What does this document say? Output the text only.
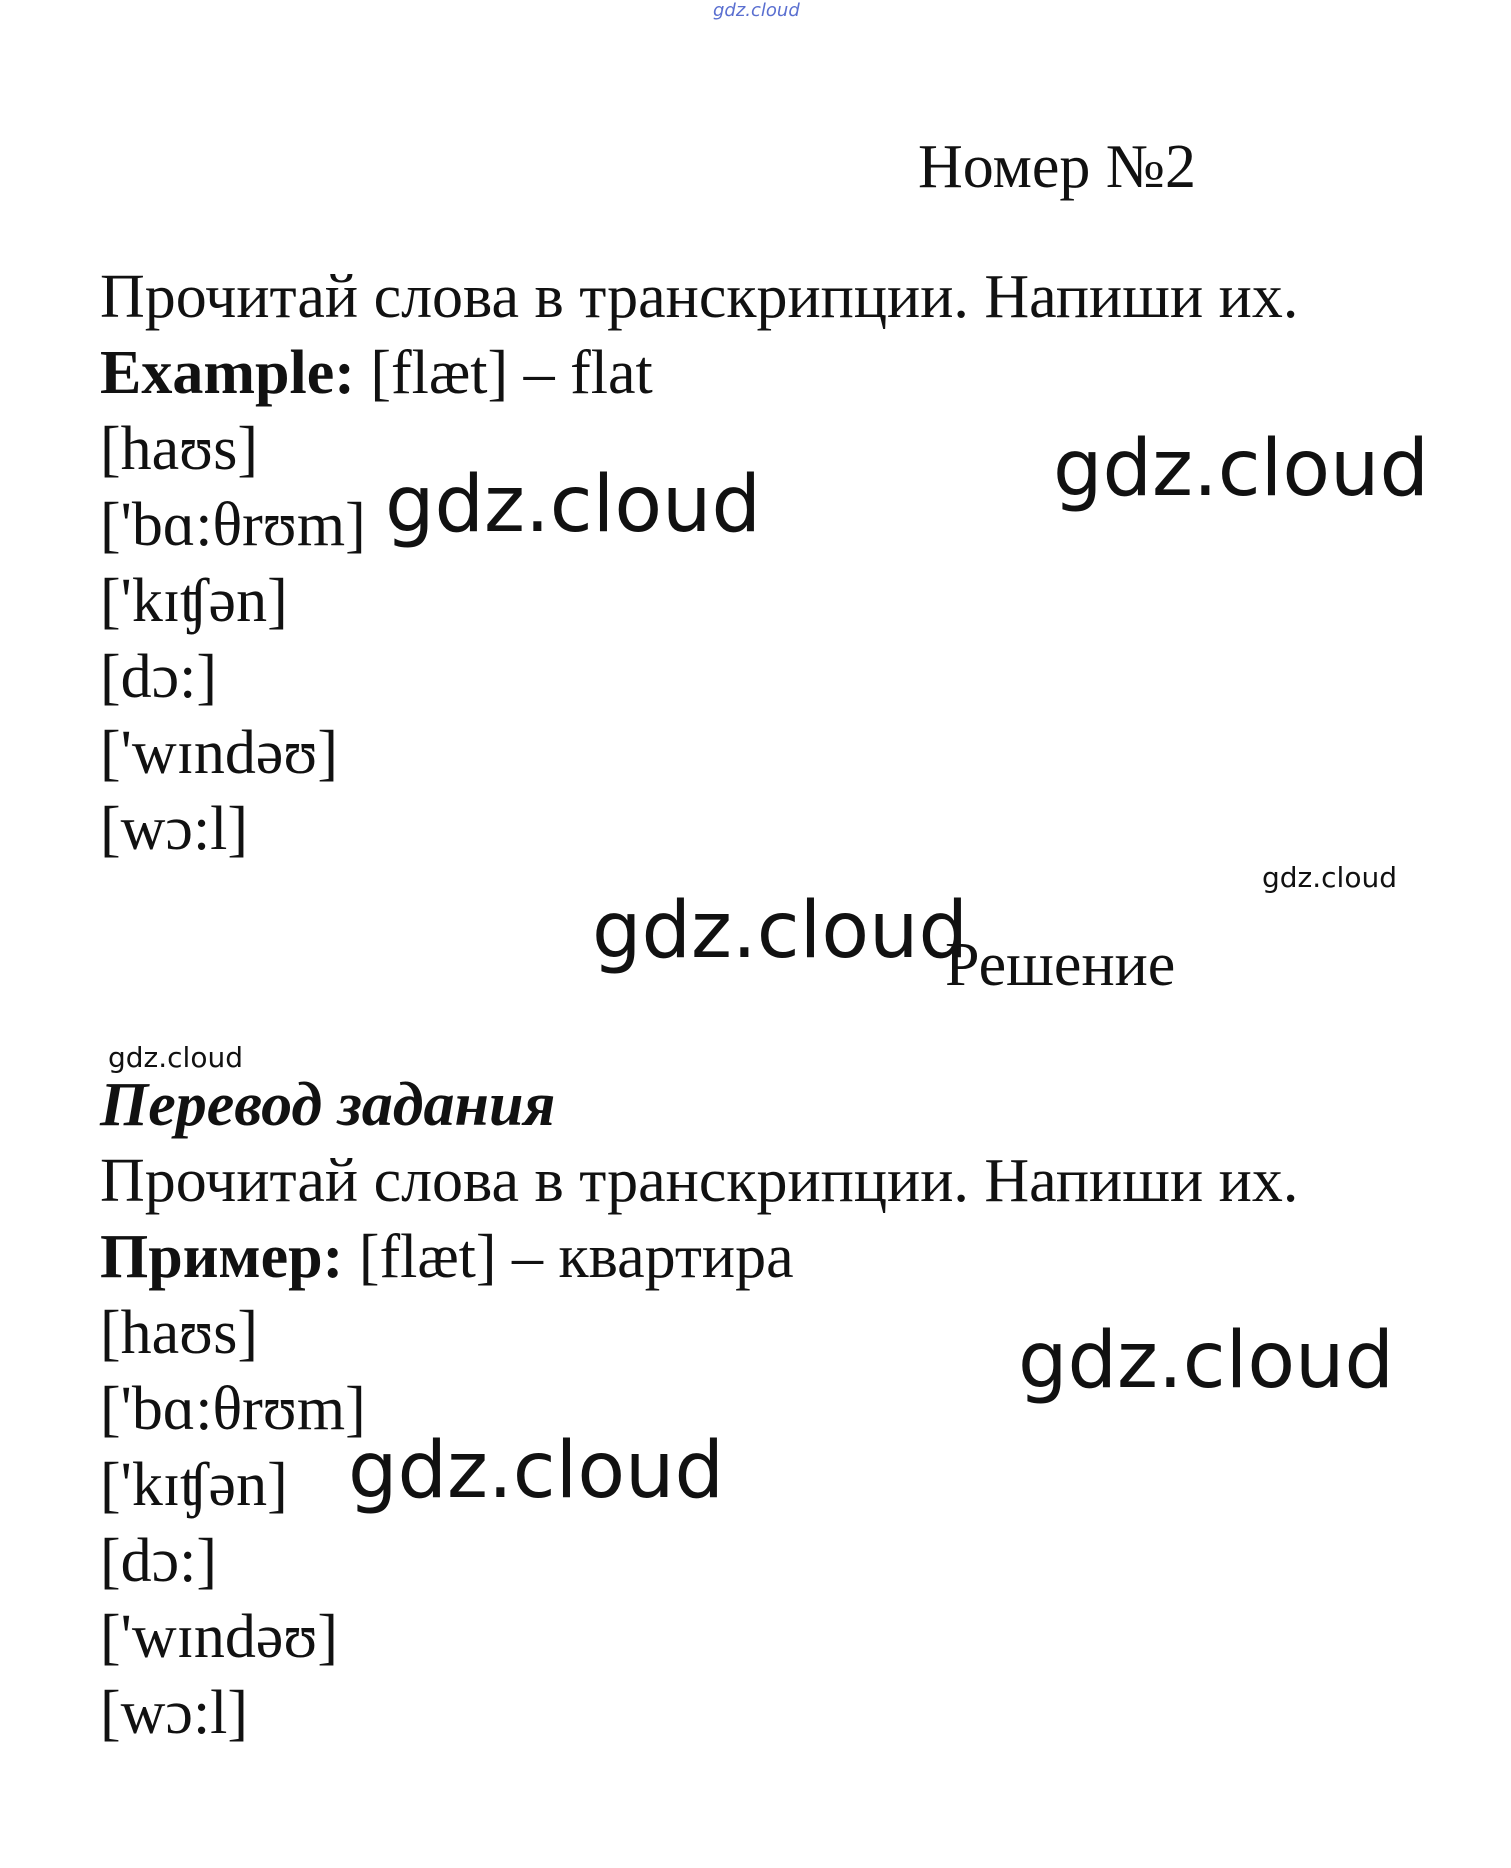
gdz.cloud
Номер №2
Прочитай слова в транскрипции. Напиши их.
Example: [flæt] – flat
[haʊs]
['bɑ:θrʊm]
['kɪʧən]
[dɔ:]
['wɪndəʊ]
[wɔ:l]
gdz.cloud
gdz.cloud
gdz.cloud
gdz.cloud
Решение
gdz.cloud
Перевод задания
Прочитай слова в транскрипции. Напиши их.
Пример: [flæt] – квартира
[haʊs]
['bɑ:θrʊm]
['kɪʧən]
[dɔ:]
['wɪndəʊ]
[wɔ:l]
gdz.cloud
gdz.cloud
